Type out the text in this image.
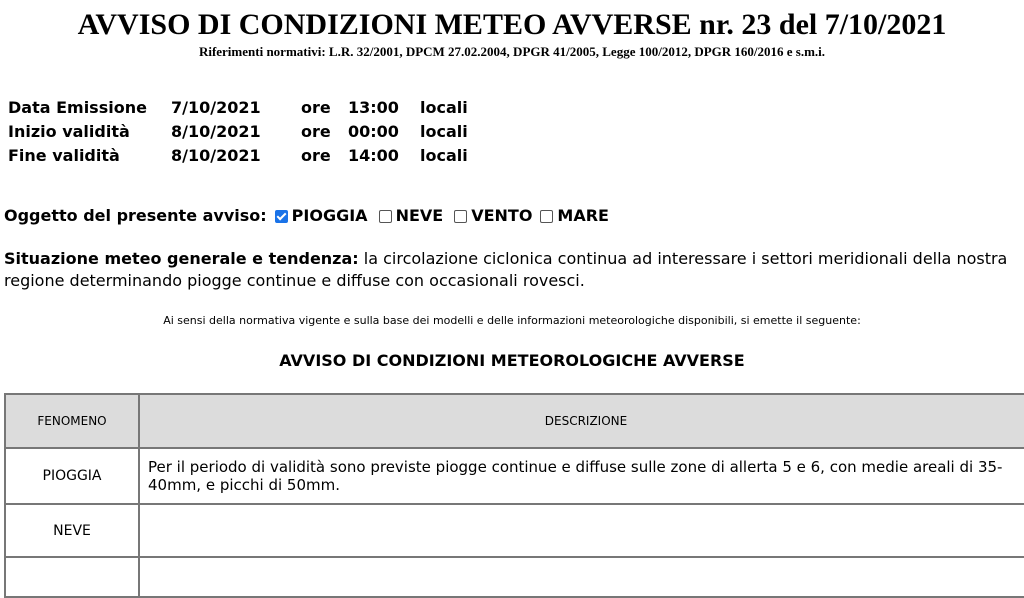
AVVISO DI CONDIZIONI METEO AVVERSE nr. 23 del 7/10/2021
Riferimenti normativi: L.R. 32/2001, DPCM 27.02.2004, DPGR 41/2005, Legge 100/2012, DPGR 160/2016 e s.m.i.
Data Emissione	7/10/2021	ore	13:00	locali
Inizio validità	8/10/2021	ore	00:00	locali
Fine validità	8/10/2021	ore	14:00	locali
Oggetto del presente avviso: PIOGGIA NEVE VENTO MARE
Situazione meteo generale e tendenza: la circolazione ciclonica continua ad interessare i settori meridionali della nostra regione determinando piogge continue e diffuse con occasionali rovesci.
Ai sensi della normativa vigente e sulla base dei modelli e delle informazioni meteorologiche disponibili, si emette il seguente:
AVVISO DI CONDIZIONI METEOROLOGICHE AVVERSE
FENOMENO	DESCRIZIONE
PIOGGIA	Per il periodo di validità sono previste piogge continue e diffuse sulle zone di allerta 5 e 6, con medie areali di 35-40mm, e picchi di 50mm.
NEVE	
